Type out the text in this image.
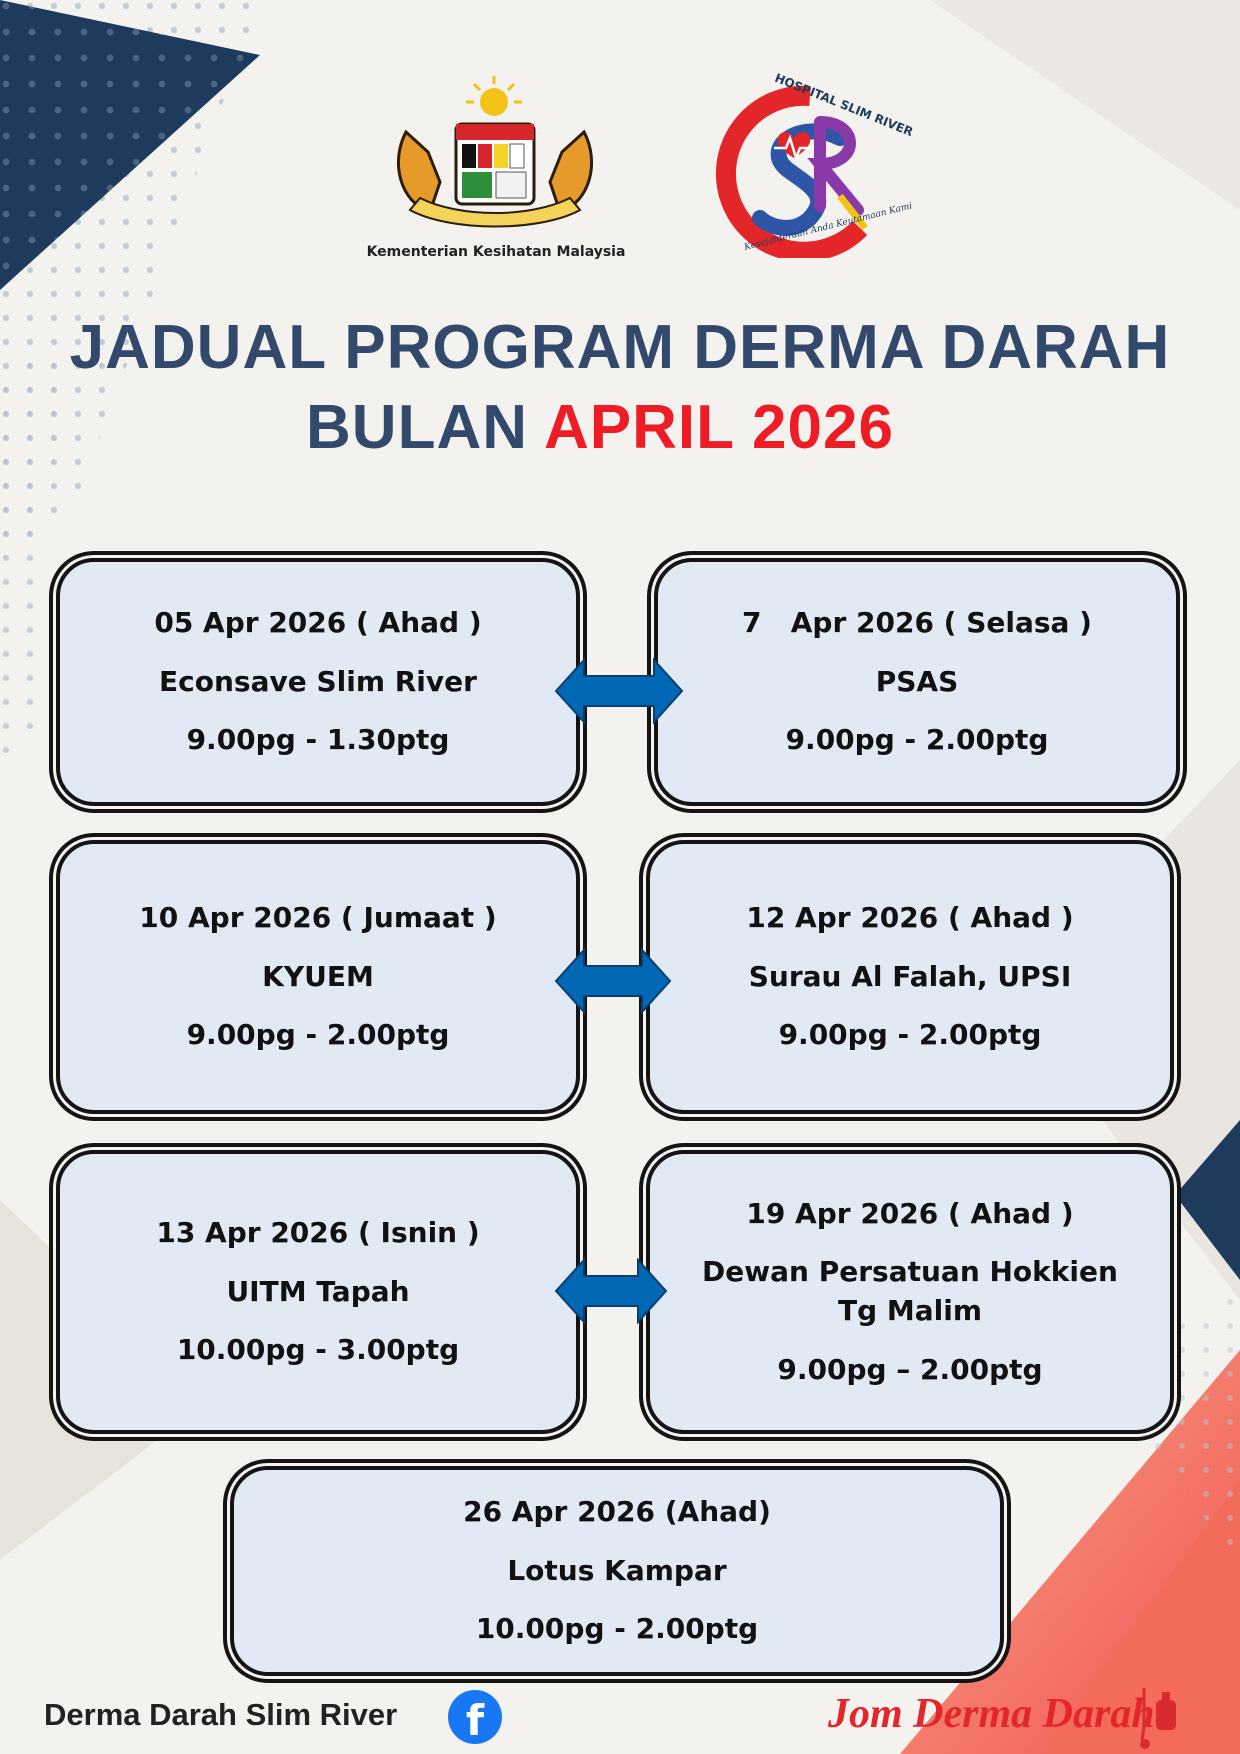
Kementerian Kesihatan Malaysia
HOSPITAL SLIM RIVER
Kesejahteraan Anda Keutamaan Kami
JADUAL PROGRAM DERMA DARAH
BULAN APRIL 2026
05 Apr 2026 ( Ahad )
Econsave Slim River
9.00pg - 1.30ptg
7   Apr 2026 ( Selasa )
PSAS
9.00pg - 2.00ptg
10 Apr 2026 ( Jumaat )
KYUEM
9.00pg - 2.00ptg
12 Apr 2026 ( Ahad )
Surau Al Falah, UPSI
9.00pg - 2.00ptg
13 Apr 2026 ( Isnin )
UITM Tapah
10.00pg - 3.00ptg
19 Apr 2026 ( Ahad )
Dewan Persatuan Hokkien Tg Malim
9.00pg – 2.00ptg
26 Apr 2026 (Ahad)
Lotus Kampar
10.00pg - 2.00ptg
Derma Darah Slim River	f	Jom Derma Darah
